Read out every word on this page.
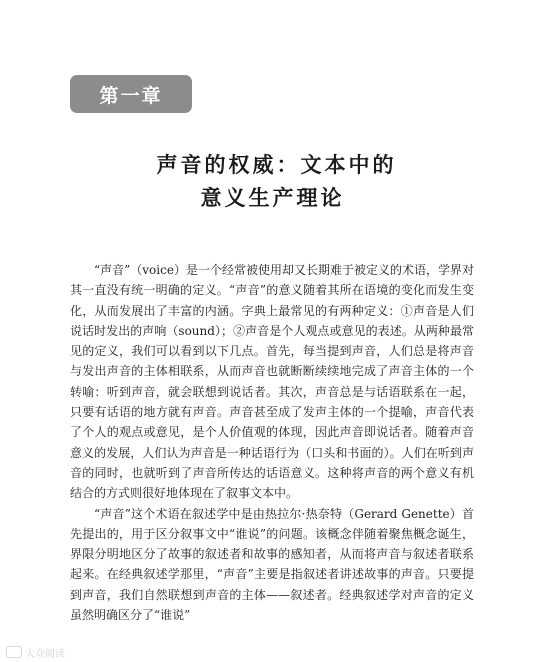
第一章
声音的权威：文本中的
意义生产理论

“声音”（voice）是一个经常被使用却又长期难于被定义的术语，学界对其一直没有统一明确的定义。“声音”的意义随着其所在语境的变化而发生变化，从而发展出了丰富的内涵。字典上最常见的有两种定义：①声音是人们说话时发出的声响（sound）；②声音是个人观点或意见的表述。从两种最常见的定义，我们可以看到以下几点。首先，每当提到声音，人们总是将声音与发出声音的主体相联系，从而声音也就断断续续地完成了声音主体的一个转喻：听到声音，就会联想到说话者。其次，声音总是与话语联系在一起，只要有话语的地方就有声音。声音甚至成了发声主体的一个提喻，声音代表了个人的观点或意见，是个人价值观的体现，因此声音即说话者。随着声音意义的发展，人们认为声音是一种话语行为（口头和书面的）。人们在听到声音的同时，也就听到了声音所传达的话语意义。这种将声音的两个意义有机结合的方式则很好地体现在了叙事文本中。

“声音”这个术语在叙述学中是由热拉尔·热奈特（Gerard Genette）首先提出的，用于区分叙事文中“谁说”的问题。该概念伴随着聚焦概念诞生，界限分明地区分了故事的叙述者和故事的感知者，从而将声音与叙述者联系起来。在经典叙述学那里，“声音”主要是指叙述者讲述故事的声音。只要提到声音，我们自然联想到声音的主体——叙述者。经典叙述学对声音的定义虽然明确区分了“谁说”

大众阅读
